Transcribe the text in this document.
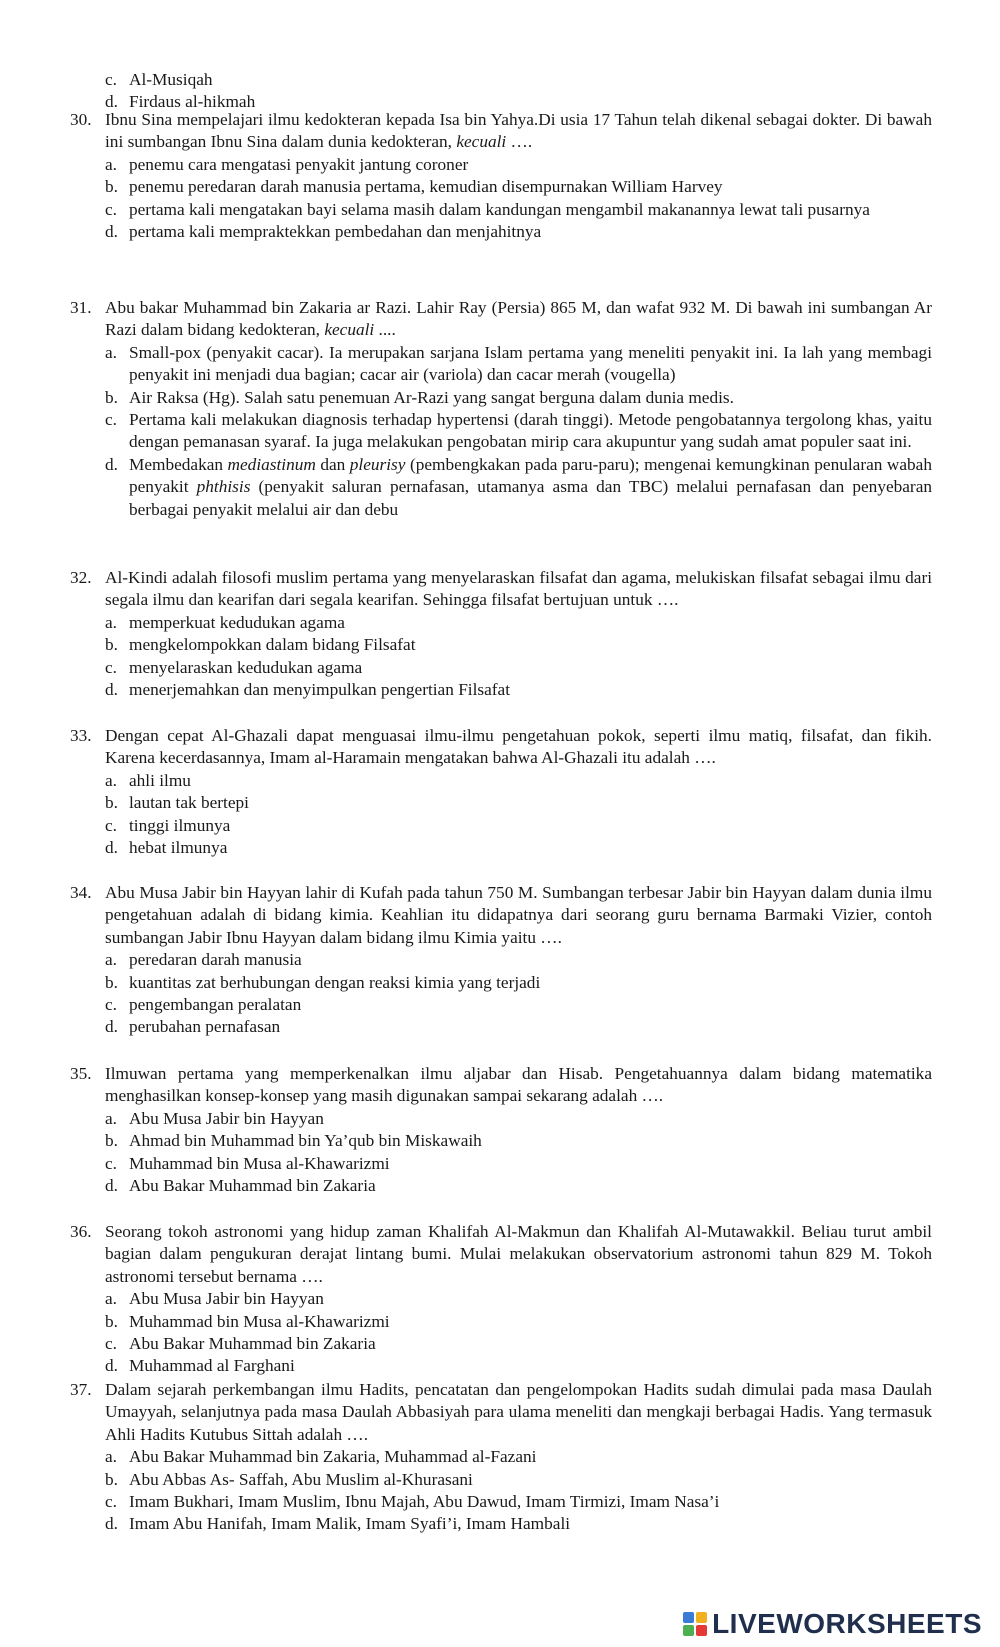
c. Al-Musiqah
d. Firdaus al-hikmah
30. Ibnu Sina mempelajari ilmu kedokteran kepada Isa bin Yahya.Di usia 17 Tahun telah dikenal sebagai dokter. Di bawah ini sumbangan Ibnu Sina dalam dunia kedokteran, kecuali ….
a. penemu cara mengatasi penyakit jantung coroner
b. penemu peredaran darah manusia pertama, kemudian disempurnakan William Harvey
c. pertama kali mengatakan bayi selama masih dalam kandungan mengambil makanannya lewat tali pusarnya
d. pertama kali mempraktekkan pembedahan dan menjahitnya
31. Abu bakar Muhammad bin Zakaria ar Razi. Lahir Ray (Persia) 865 M, dan wafat 932 M. Di bawah ini sumbangan Ar Razi dalam bidang kedokteran, kecuali ....
a. Small-pox (penyakit cacar). Ia merupakan sarjana Islam pertama yang meneliti penyakit ini. Ia lah yang membagi penyakit ini menjadi dua bagian; cacar air (variola) dan cacar merah (vougella)
b. Air Raksa (Hg). Salah satu penemuan Ar-Razi yang sangat berguna dalam dunia medis.
c. Pertama kali melakukan diagnosis terhadap hypertensi (darah tinggi). Metode pengobatannya tergolong khas, yaitu dengan pemanasan syaraf. Ia juga melakukan pengobatan mirip cara akupuntur yang sudah amat populer saat ini.
d. Membedakan mediastinum dan pleurisy (pembengkakan pada paru-paru); mengenai kemungkinan penularan wabah penyakit phthisis (penyakit saluran pernafasan, utamanya asma dan TBC) melalui pernafasan dan penyebaran berbagai penyakit melalui air dan debu
32. Al-Kindi adalah filosofi muslim pertama yang menyelaraskan filsafat dan agama, melukiskan filsafat sebagai ilmu dari segala ilmu dan kearifan dari segala kearifan. Sehingga filsafat bertujuan untuk ….
a. memperkuat kedudukan agama
b. mengkelompokkan dalam bidang Filsafat
c. menyelaraskan kedudukan agama
d. menerjemahkan dan menyimpulkan pengertian Filsafat
33. Dengan cepat Al-Ghazali dapat menguasai ilmu-ilmu pengetahuan pokok, seperti ilmu matiq, filsafat, dan fikih. Karena kecerdasannya, Imam al-Haramain mengatakan bahwa Al-Ghazali itu adalah ….
a. ahli ilmu
b. lautan tak bertepi
c. tinggi ilmunya
d. hebat ilmunya
34. Abu Musa Jabir bin Hayyan lahir di Kufah pada tahun 750 M. Sumbangan terbesar Jabir bin Hayyan dalam dunia ilmu pengetahuan adalah di bidang kimia. Keahlian itu didapatnya dari seorang guru bernama Barmaki Vizier, contoh sumbangan Jabir Ibnu Hayyan dalam bidang ilmu Kimia yaitu ….
a. peredaran darah manusia
b. kuantitas zat berhubungan dengan reaksi kimia yang terjadi
c. pengembangan peralatan
d. perubahan pernafasan
35. Ilmuwan pertama yang memperkenalkan ilmu aljabar dan Hisab. Pengetahuannya dalam bidang matematika menghasilkan konsep-konsep yang masih digunakan sampai sekarang adalah ….
a. Abu Musa Jabir bin Hayyan
b. Ahmad bin Muhammad bin Ya’qub bin Miskawaih
c. Muhammad bin Musa al-Khawarizmi
d. Abu Bakar Muhammad bin Zakaria
36. Seorang tokoh astronomi yang hidup zaman Khalifah Al-Makmun dan Khalifah Al-Mutawakkil. Beliau turut ambil bagian dalam pengukuran derajat lintang bumi. Mulai melakukan observatorium astronomi tahun 829 M. Tokoh astronomi tersebut bernama ….
a. Abu Musa Jabir bin Hayyan
b. Muhammad bin Musa al-Khawarizmi
c. Abu Bakar Muhammad bin Zakaria
d. Muhammad al Farghani
37. Dalam sejarah perkembangan ilmu Hadits, pencatatan dan pengelompokan Hadits sudah dimulai pada masa Daulah Umayyah, selanjutnya pada masa Daulah Abbasiyah para ulama meneliti dan mengkaji berbagai Hadis. Yang termasuk Ahli Hadits Kutubus Sittah adalah ….
a. Abu Bakar Muhammad bin Zakaria, Muhammad al-Fazani
b. Abu Abbas As- Saffah, Abu Muslim al-Khurasani
c. Imam Bukhari, Imam Muslim, Ibnu Majah, Abu Dawud, Imam Tirmizi, Imam Nasa’i
d. Imam Abu Hanifah, Imam Malik, Imam Syafi’i, Imam Hambali
LIVEWORKSHEETS
